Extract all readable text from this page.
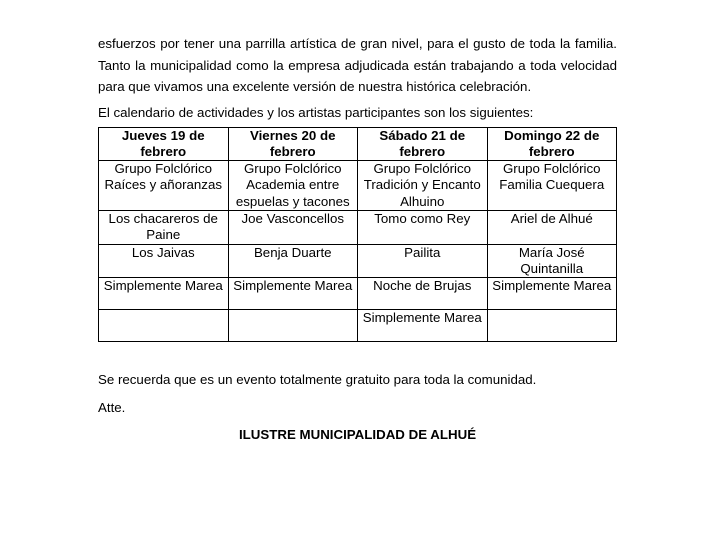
esfuerzos por tener una parrilla artística de gran nivel, para el gusto de toda la familia. Tanto la municipalidad como la empresa adjudicada están trabajando a toda velocidad para que vivamos una excelente versión de nuestra histórica celebración.

El calendario de actividades y los artistas participantes son los siguientes:

Jueves 19 de febrero	Viernes 20 de febrero	Sábado 21 de febrero	Domingo 22 de febrero
Grupo Folclórico Raíces y añoranzas	Grupo Folclórico Academia entre espuelas y tacones	Grupo Folclórico Tradición y Encanto Alhuino	Grupo Folclórico Familia Cuequera
Los chacareros de Paine	Joe Vasconcellos	Tomo como Rey	Ariel de Alhué
Los Jaivas	Benja Duarte	Pailita	María José Quintanilla
Simplemente Marea	Simplemente Marea	Noche de Brujas	Simplemente Marea
		Simplemente Marea	

Se recuerda que es un evento totalmente gratuito para toda la comunidad.

Atte.

ILUSTRE MUNICIPALIDAD DE ALHUÉ
